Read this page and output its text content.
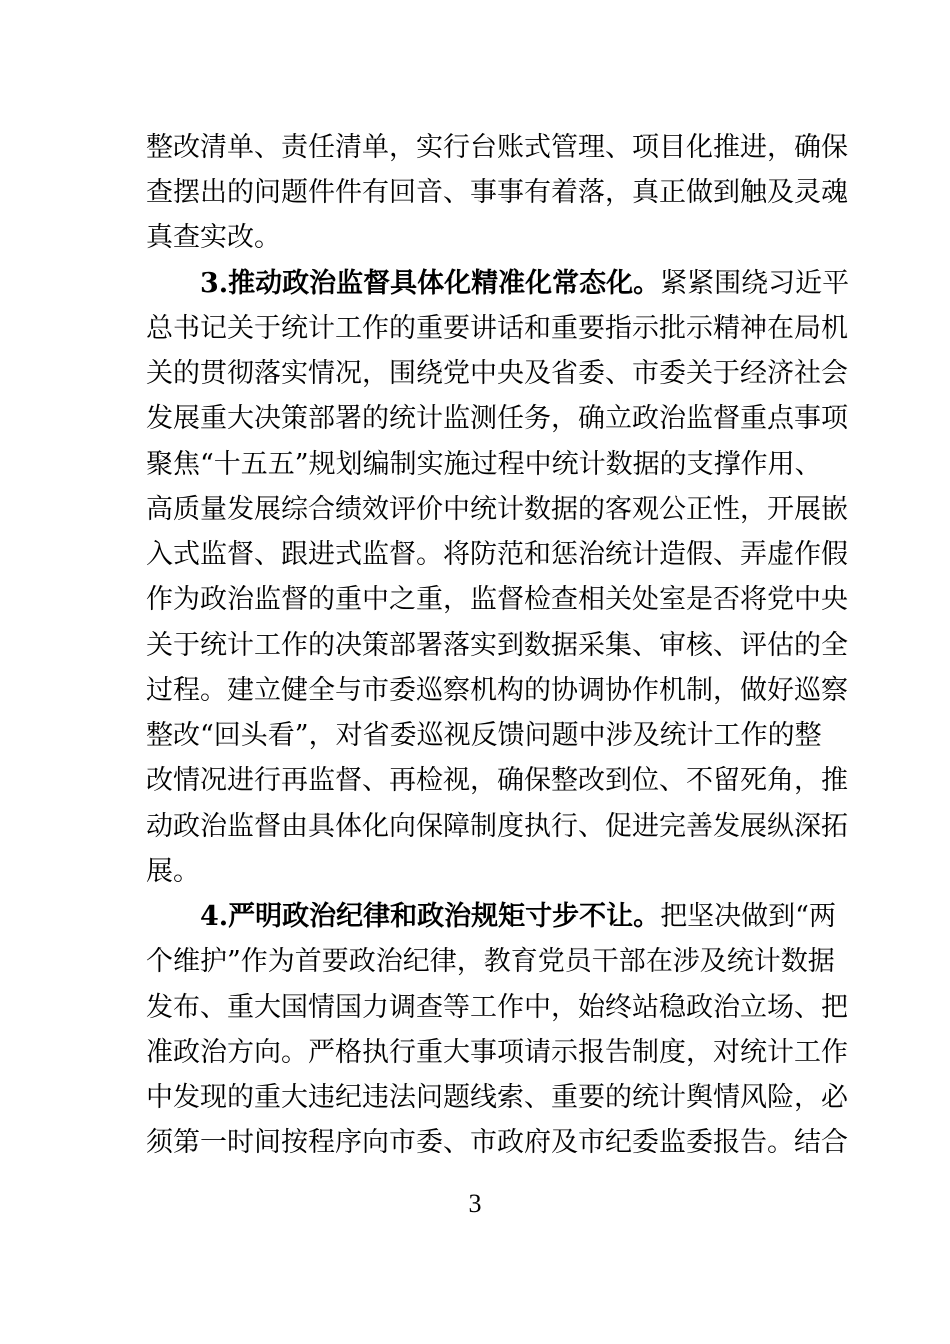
整改清单、责任清单，实行台账式管理、项目化推进，确保
查摆出的问题件件有回音、事事有着落，真正做到触及灵魂
真查实改。
3.推动政治监督具体化精准化常态化。紧紧围绕习近平
总书记关于统计工作的重要讲话和重要指示批示精神在局机
关的贯彻落实情况，围绕党中央及省委、市委关于经济社会
发展重大决策部署的统计监测任务，确立政治监督重点事项
聚焦“十五五”规划编制实施过程中统计数据的支撑作用、
高质量发展综合绩效评价中统计数据的客观公正性，开展嵌
入式监督、跟进式监督。将防范和惩治统计造假、弄虚作假
作为政治监督的重中之重，监督检查相关处室是否将党中央
关于统计工作的决策部署落实到数据采集、审核、评估的全
过程。建立健全与市委巡察机构的协调协作机制，做好巡察
整改“回头看”，对省委巡视反馈问题中涉及统计工作的整
改情况进行再监督、再检视，确保整改到位、不留死角，推
动政治监督由具体化向保障制度执行、促进完善发展纵深拓
展。
4.严明政治纪律和政治规矩寸步不让。把坚决做到“两
个维护”作为首要政治纪律，教育党员干部在涉及统计数据
发布、重大国情国力调查等工作中，始终站稳政治立场、把
准政治方向。严格执行重大事项请示报告制度，对统计工作
中发现的重大违纪违法问题线索、重要的统计舆情风险，必
须第一时间按程序向市委、市政府及市纪委监委报告。结合
3
